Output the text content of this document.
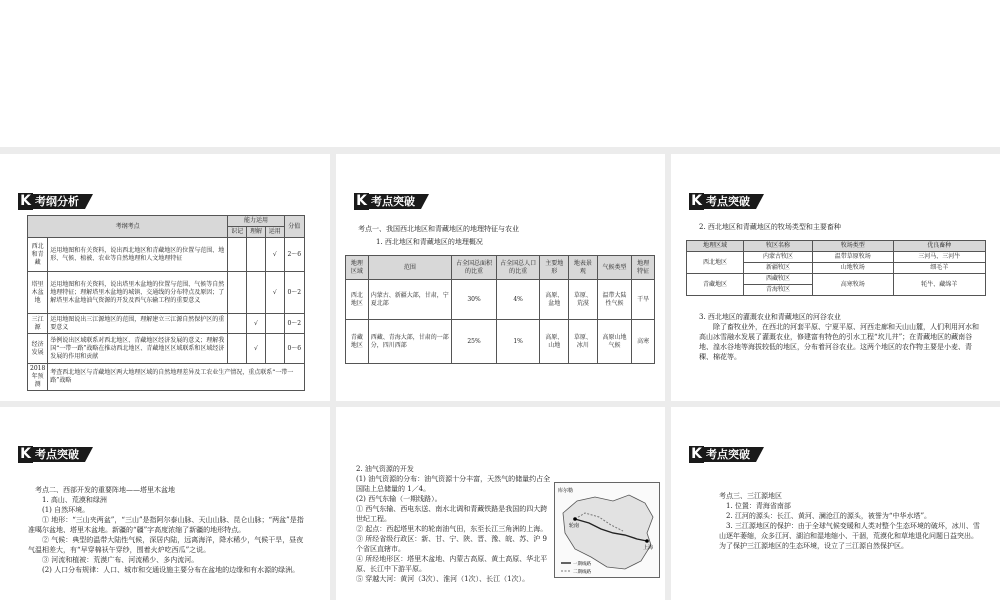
K 考纲分析
考纲考点		能力运用			分值
		识记	理解	运用	
西北和青藏	运用地图和有关资料，说出西北地区和青藏地区的位置与范围、地形、气候、植被、农业等自然地理和人文地理特征			√	2～6
塔里木盆地	运用地图和有关资料，说出塔里木盆地的位置与范围、气候等自然地理特征；理解塔里木盆地的城镇、交通线的分布特点及原因；了解塔里木盆地油气资源的开发及西气东输工程的重要意义			√	0～2
三江源	运用地图说出三江源地区的范围，理解建立三江源自然保护区的重要意义		√		0～2
经济发展	举例说出区域联系对西北地区、青藏地区经济发展的意义；理解我国“一带一路”战略在推动西北地区、青藏地区区域联系和区域经济发展的作用和贡献		√		0～6
2018年预测	考查西北地区与青藏地区两大地理区域的自然地理差异及工农业生产情况，重点联系“一带一路”战略				
K 考点突破
考点一、我国西北地区和青藏地区的地理特征与农业
1. 西北地区和青藏地区的地理概况
地理区域	范围	占全国总面积的比重	占全国总人口的比重	主要地形	地表景观	气候类型	地理特征
西北地区	内蒙古、新疆大部，甘肃，宁夏北部	30%	4%	高原、盆地	草原、荒漠	温带大陆性气候	干旱
青藏地区	西藏、青海大部，甘肃的一部分，四川西部	25%	1%	高原、山地	草原、冰川	高原山地气候	高寒
K 考点突破
2. 西北地区和青藏地区的牧场类型和主要畜种
地理区域	牧区名称	牧场类型	优良畜种
西北地区	内蒙古牧区	温带草原牧场	三河马、三河牛
	新疆牧区	山地牧场	细毛羊
青藏地区	西藏牧区	高寒牧场	牦牛、藏绵羊
	青海牧区		
3. 西北地区的灌溉农业和青藏地区的河谷农业
　　除了畜牧业外，在西北的河套平原、宁夏平原、河西走廊和天山山麓，人们利用河水和高山冰雪融水发展了灌溉农业，修建富有特色的引水工程“坎儿井”；在青藏地区的藏南谷地、湟水谷地等海拔较低的地区，分布着河谷农业。这两个地区的农作物主要是小麦、青稞、棉花等。
K 考点突破
　考点二、西部开发的重要阵地——塔里木盆地
　　1. 高山、荒漠和绿洲
　　(1) 自然环境。
　　① 地形：“三山夹两盆”，“三山”是指阿尔泰山脉、天山山脉、昆仑山脉；“两盆”是指准噶尔盆地、塔里木盆地。新疆的“疆”字高度浓缩了新疆的地形特点。
　　② 气候：典型的温带大陆性气候，深居内陆，远离海洋，降水稀少，气候干旱，昼夜气温相差大，有“早穿棉袄午穿纱，围着火炉吃西瓜”之说。
　　③ 河流和植被：荒漠广布、河流稀少、多内流河。
　　(2) 人口分布规律：人口、城市和交通设施主要分布在盆地的边缘和有水源的绿洲。
2. 油气资源的开发
(1) 油气资源的分布：油气资源十分丰富，天然气的储量约占全国陆上总储量的 1／4。
(2) 西气东输（一期线路）。
① 西气东输、西电东送、南水北调和青藏铁路是我国的四大跨世纪工程。
② 起点：西起塔里木的轮南油气田，东至长江三角洲的上海。
③ 所经省级行政区：新、甘、宁、陕、晋、豫、皖、苏、沪 9 个省区直辖市。
④ 所经地形区：塔里木盆地、内蒙古高原、黄土高原、华北平原、长江中下游平原。
⑤ 穿越大河：黄河（3次）、淮河（1次）、长江（1次）。
库尔勒
轮南
上海
一期线路
二期线路
K 考点突破
考点三、三江源地区
　1. 位置：青海省南部
　2. 江河的源头：长江、黄河、澜沧江的源头，被誉为“中华水塔”。
　3. 三江源地区的保护：由于全球气候变暖和人类对整个生态环境的破坏，冰川、雪山逐年萎缩，众多江河、湖泊和湿地缩小、干涸，荒漠化和草地退化问题日益突出。为了保护三江源地区的生态环境，设立了三江源自然保护区。
